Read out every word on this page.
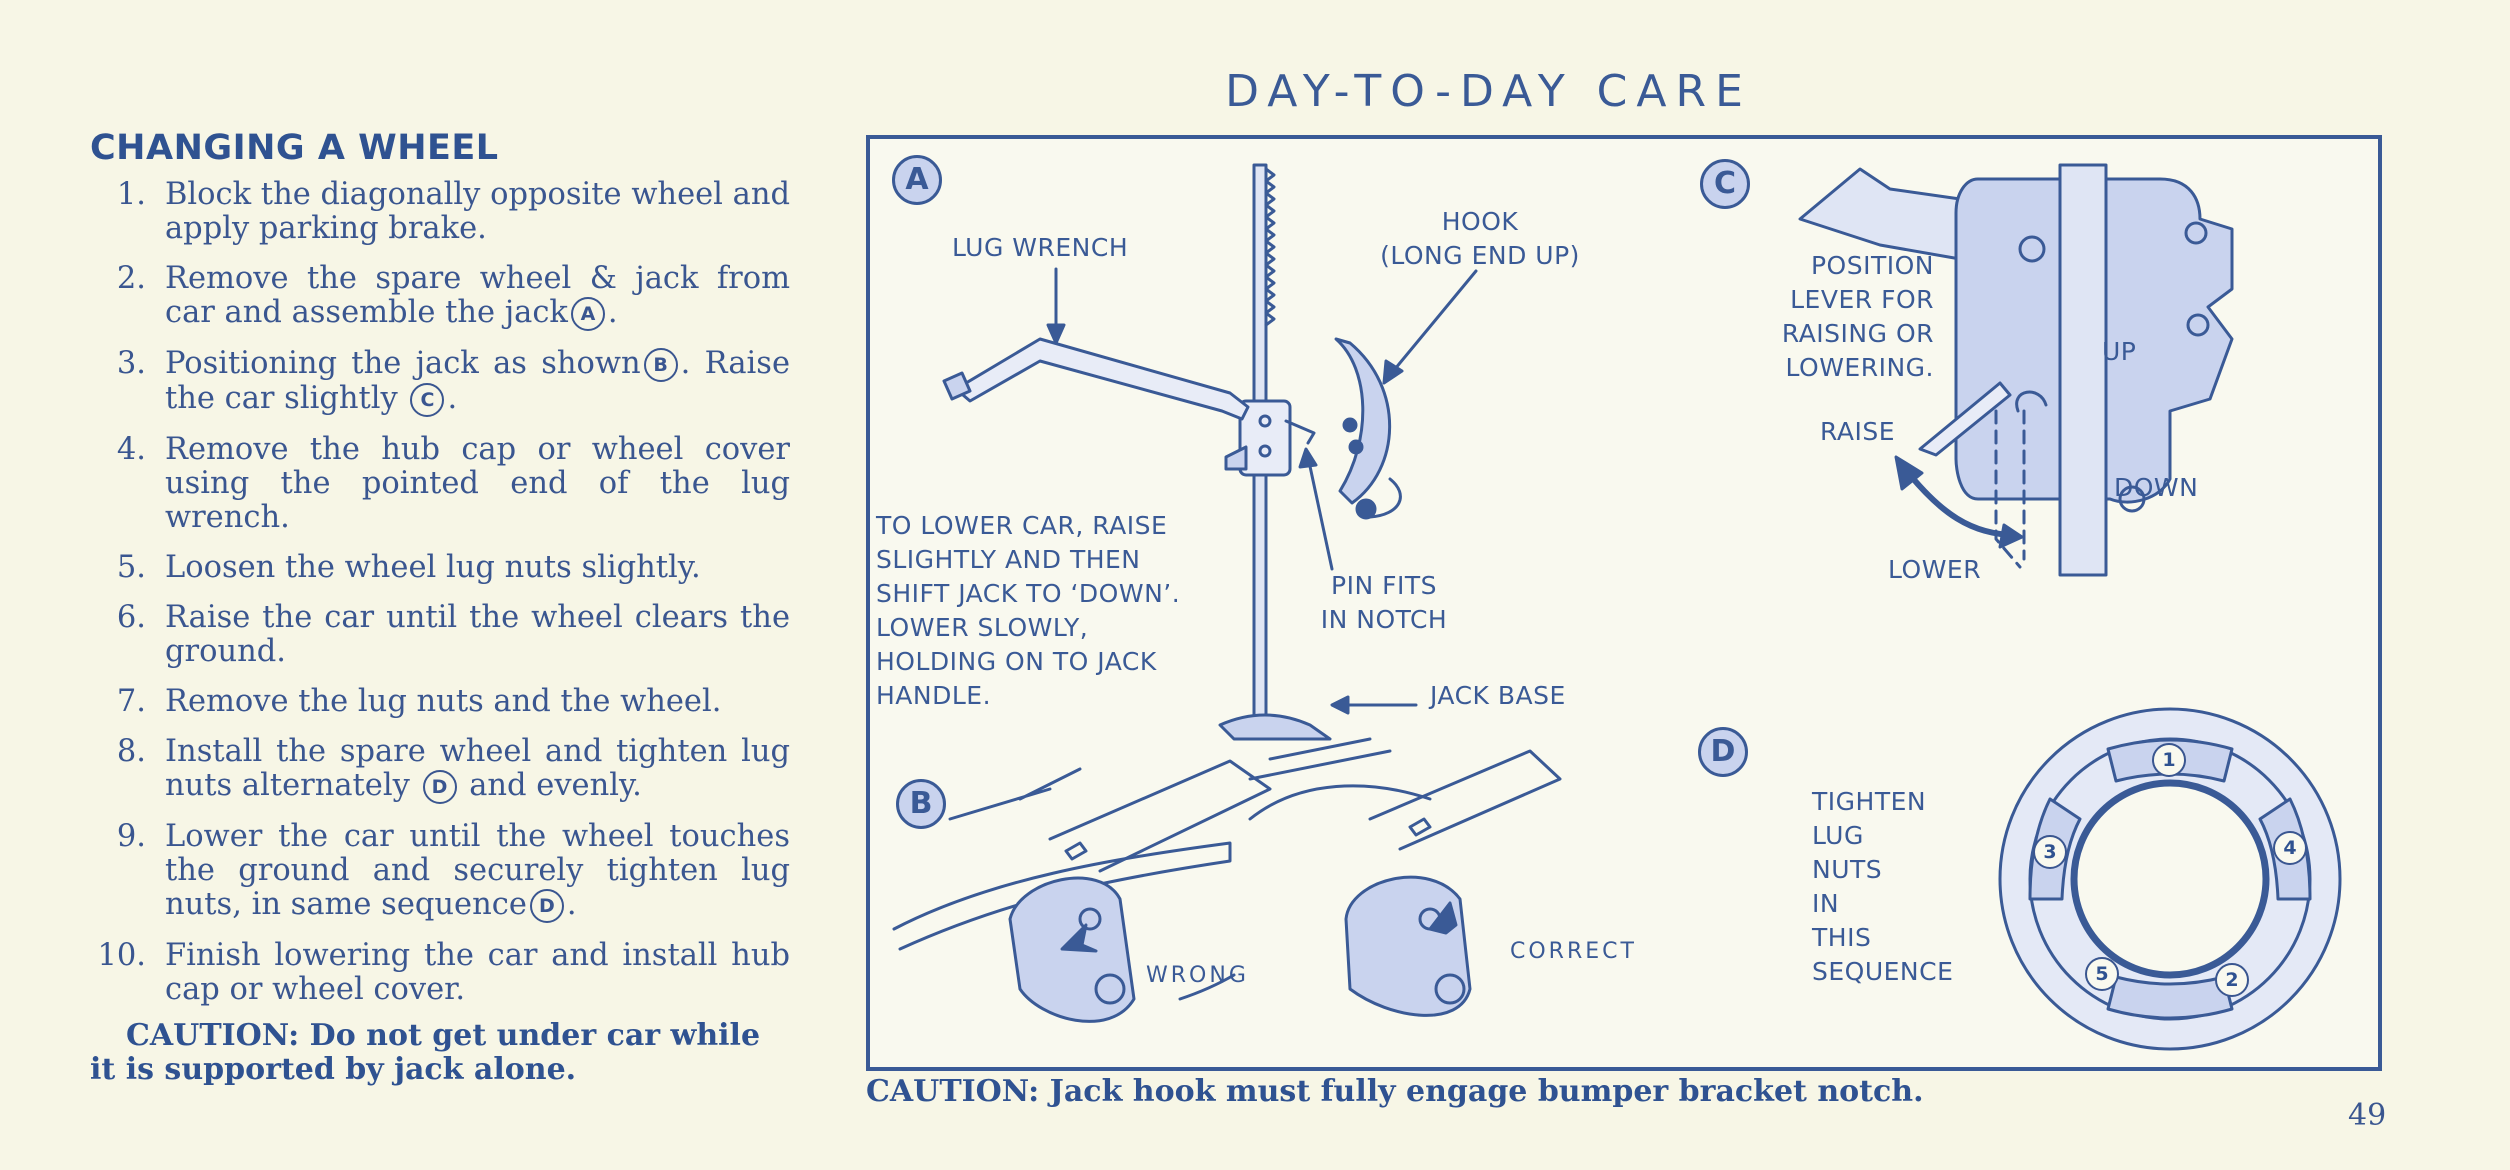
DAY-TO-DAY CARE
CHANGING A WHEEL
1. Block the diagonally opposite wheel and apply parking brake.
2. Remove the spare wheel & jack from car and assemble the jack A .
3. Positioning the jack as shown B . Raise the car slightly C .
4. Remove the hub cap or wheel cover using the pointed end of the lug wrench.
5. Loosen the wheel lug nuts slightly.
6. Raise the car until the wheel clears the ground.
7. Remove the lug nuts and the wheel.
8. Install the spare wheel and tighten lug nuts alternately D and evenly.
9. Lower the car until the wheel touches the ground and securely tighten lug nuts, in same sequence D .
10. Finish lowering the car and install hub cap or wheel cover.
CAUTION: Do not get under car while it is supported by jack alone.
A
LUG WRENCH
HOOK
(LONG END UP)
TO LOWER CAR, RAISE
SLIGHTLY AND THEN
SHIFT JACK TO ‘DOWN’.
LOWER SLOWLY,
HOLDING ON TO JACK
HANDLE.
PIN FITS
IN NOTCH
JACK BASE
B
WRONG
CORRECT
C
POSITION
LEVER FOR
RAISING OR
LOWERING.
RAISE
LOWER
UP
DOWN
D
TIGHTEN
LUG
NUTS
IN
THIS
SEQUENCE
1
2
3	4
5
CAUTION: Jack hook must fully engage bumper bracket notch.
49
